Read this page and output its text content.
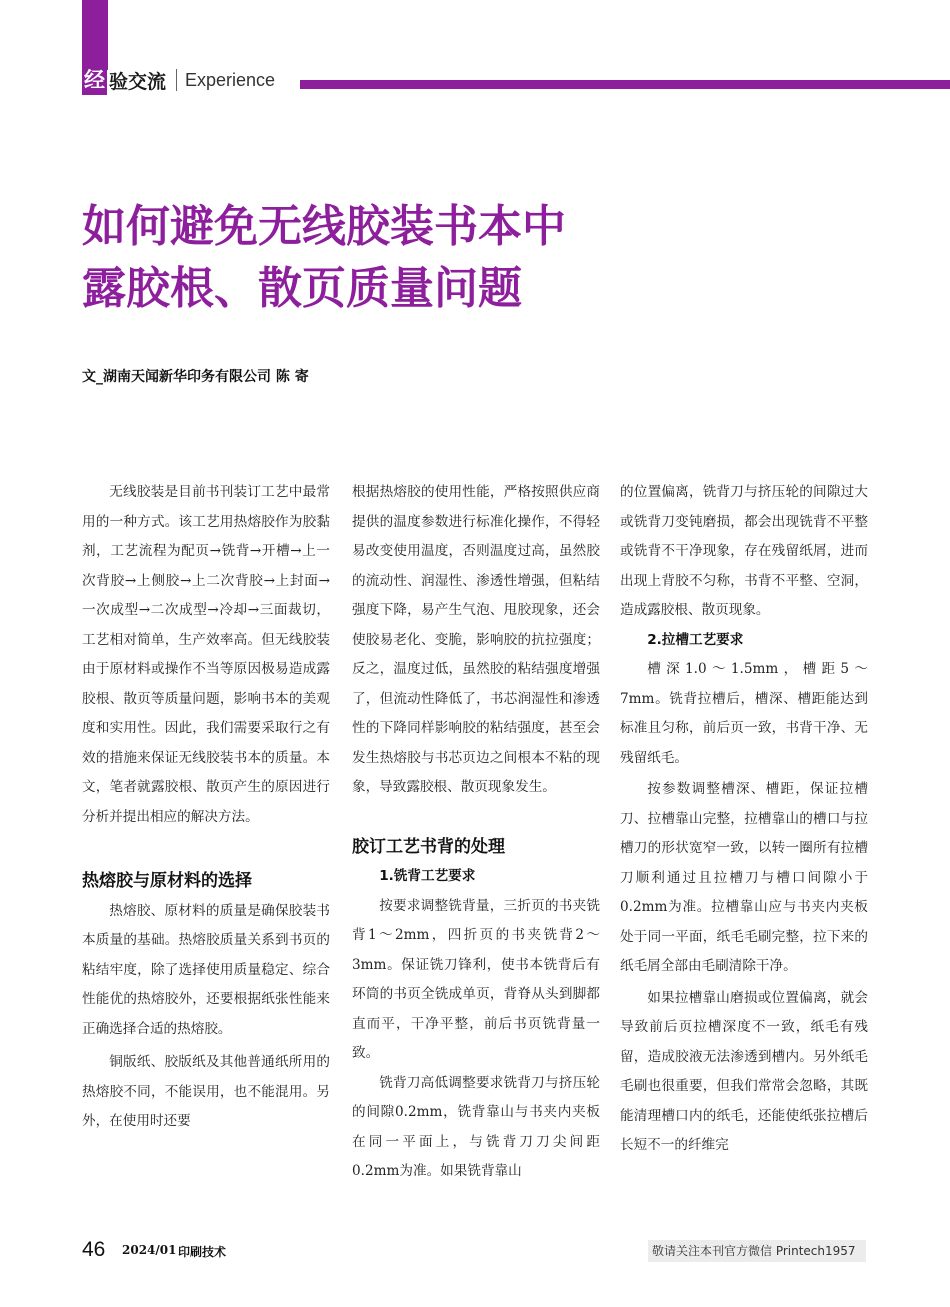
经 验交流 Experience
如何避免无线胶装书本中
露胶根、散页质量问题
文_湖南天闻新华印务有限公司 陈 寄

无线胶装是目前书刊装订工艺中最常用的一种方式。该工艺用热熔胶作为胶黏剂，工艺流程为配页→铣背→开槽→上一次背胶→上侧胶→上二次背胶→上封面→一次成型→二次成型→冷却→三面裁切，工艺相对简单，生产效率高。但无线胶装由于原材料或操作不当等原因极易造成露胶根、散页等质量问题，影响书本的美观度和实用性。因此，我们需要采取行之有效的措施来保证无线胶装书本的质量。本文，笔者就露胶根、散页产生的原因进行分析并提出相应的解决方法。

热熔胶与原材料的选择

热熔胶、原材料的质量是确保胶装书本质量的基础。热熔胶质量关系到书页的粘结牢度，除了选择使用质量稳定、综合性能优的热熔胶外，还要根据纸张性能来正确选择合适的热熔胶。

铜版纸、胶版纸及其他普通纸所用的热熔胶不同，不能误用，也不能混用。另外，在使用时还要

根据热熔胶的使用性能，严格按照供应商提供的温度参数进行标准化操作，不得轻易改变使用温度，否则温度过高，虽然胶的流动性、润湿性、渗透性增强，但粘结强度下降，易产生气泡、甩胶现象，还会使胶易老化、变脆，影响胶的抗拉强度；反之，温度过低，虽然胶的粘结强度增强了，但流动性降低了，书芯润湿性和渗透性的下降同样影响胶的粘结强度，甚至会发生热熔胶与书芯页边之间根本不粘的现象，导致露胶根、散页现象发生。

胶订工艺书背的处理
1.铣背工艺要求

按要求调整铣背量，三折页的书夹铣背1～2mm，四折页的书夹铣背2～3mm。保证铣刀锋利，使书本铣背后有环筒的书页全铣成单页，背脊从头到脚都直而平，干净平整，前后书页铣背量一致。

铣背刀高低调整要求铣背刀与挤压轮的间隙0.2mm，铣背靠山与书夹内夹板在同一平面上，与铣背刀刀尖间距0.2mm为准。如果铣背靠山

的位置偏离，铣背刀与挤压轮的间隙过大或铣背刀变钝磨损，都会出现铣背不平整或铣背不干净现象，存在残留纸屑，进而出现上背胶不匀称，书背不平整、空洞，造成露胶根、散页现象。

2.拉槽工艺要求

槽深1.0～1.5mm，槽距5～7mm。铣背拉槽后，槽深、槽距能达到标准且匀称，前后页一致，书背干净、无残留纸毛。

按参数调整槽深、槽距，保证拉槽刀、拉槽靠山完整，拉槽靠山的槽口与拉槽刀的形状宽窄一致，以转一圈所有拉槽刀顺利通过且拉槽刀与槽口间隙小于0.2mm为准。拉槽靠山应与书夹内夹板处于同一平面，纸毛毛刷完整，拉下来的纸毛屑全部由毛刷清除干净。

如果拉槽靠山磨损或位置偏离，就会导致前后页拉槽深度不一致，纸毛有残留，造成胶液无法渗透到槽内。另外纸毛毛刷也很重要，但我们常常会忽略，其既能清理槽口内的纸毛，还能使纸张拉槽后长短不一的纤维完

46 2024/01 印刷技术	敬请关注本刊官方微信 Printech1957
